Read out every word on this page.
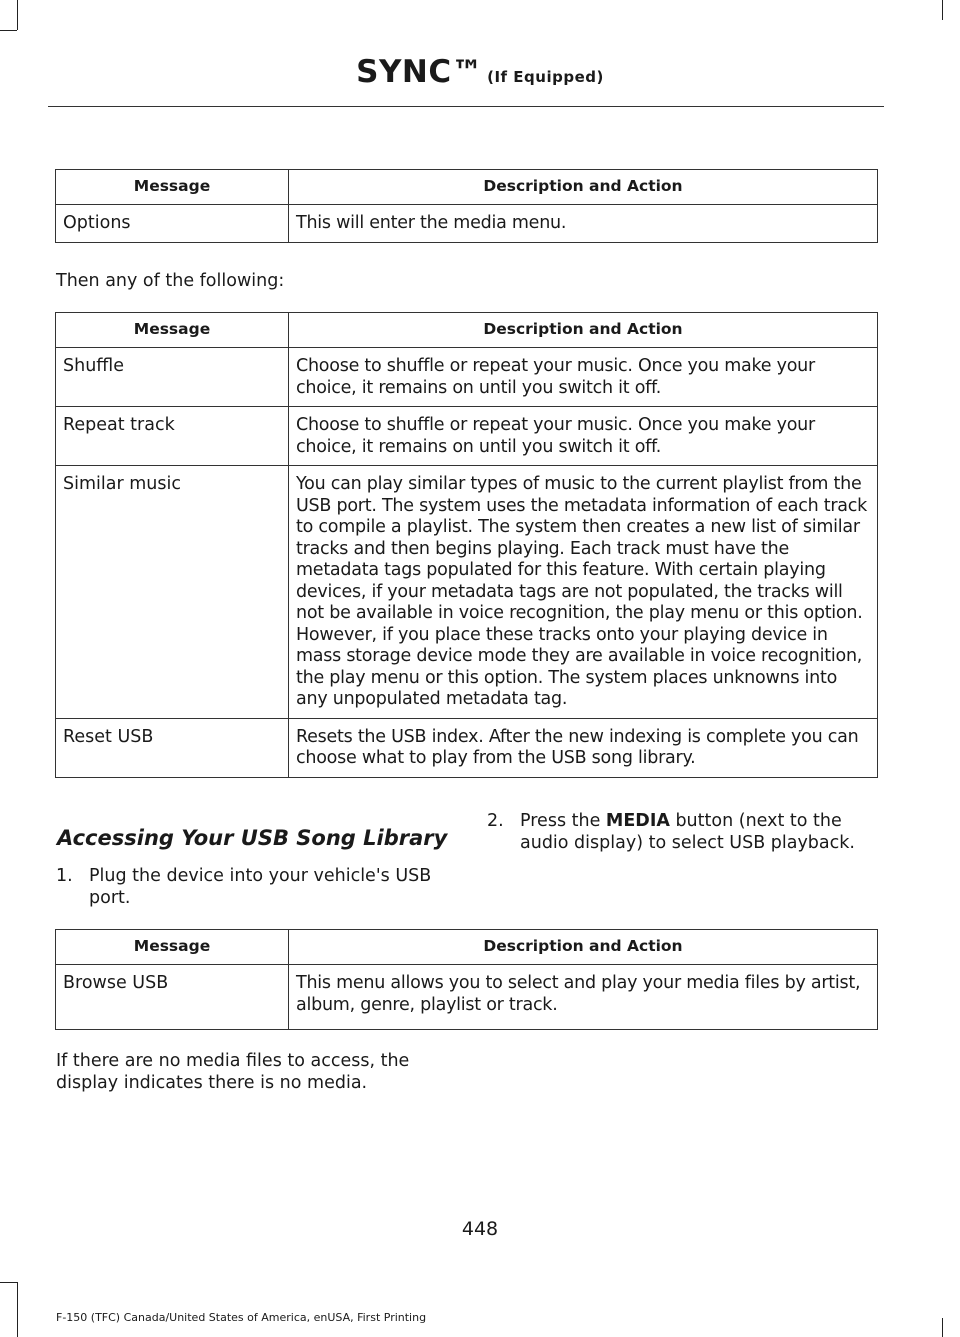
SYNC™ (If Equipped)
Message	Description and Action
Options	This will enter the media menu.
Then any of the following:
Message	Description and Action
Shuffle	Choose to shuffle or repeat your music. Once you make your choice, it remains on until you switch it off.
Repeat track	Choose to shuffle or repeat your music. Once you make your choice, it remains on until you switch it off.
Similar music	You can play similar types of music to the current playlist from the USB port. The system uses the metadata information of each track to compile a playlist. The system then creates a new list of similar tracks and then begins playing. Each track must have the metadata tags populated for this feature. With certain playing devices, if your metadata tags are not populated, the tracks will not be available in voice recognition, the play menu or this option. However, if you place these tracks onto your playing device in mass storage device mode they are available in voice recognition, the play menu or this option. The system places unknowns into any unpopulated metadata tag.
Reset USB	Resets the USB index. After the new indexing is complete you can choose what to play from the USB song library.
Accessing Your USB Song Library
1. Plug the device into your vehicle's USB port.
2. Press the MEDIA button (next to the audio display) to select USB playback.
Message	Description and Action
Browse USB	This menu allows you to select and play your media files by artist, album, genre, playlist or track.
If there are no media files to access, the display indicates there is no media.
448
F-150 (TFC) Canada/United States of America, enUSA, First Printing
